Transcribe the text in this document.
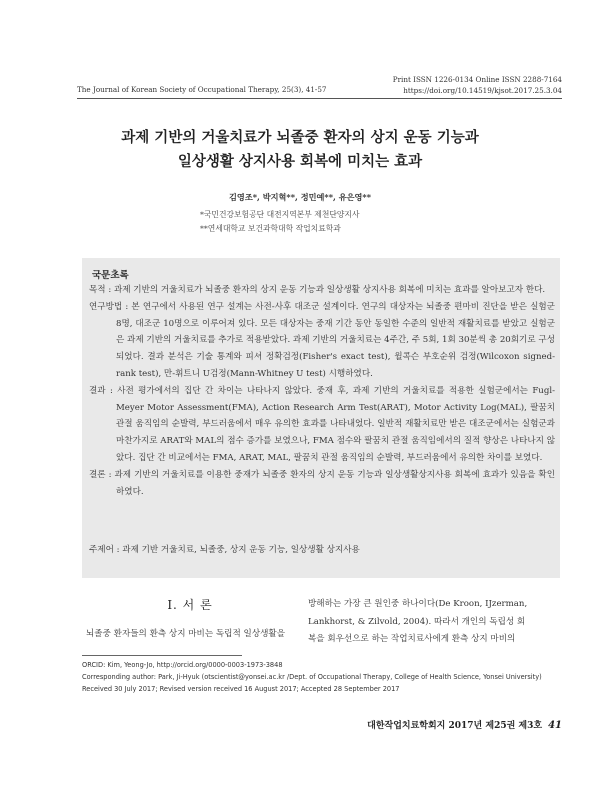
Print ISSN 1226-0134 Online ISSN 2288-7164
https://doi.org/10.14519/kjsot.2017.25.3.04
The Journal of Korean Society of Occupational Therapy, 25(3), 41-57
과제 기반의 거울치료가 뇌졸중 환자의 상지 운동 기능과
일상생활 상지사용 회복에 미치는 효과
김영조*, 박지혁**, 정민예**, 유은영**
*국민건강보험공단 대전지역본부 제천단양지사
**연세대학교 보건과학대학 작업치료학과
국문초록
목적 : 과제 기반의 거울치료가 뇌졸중 환자의 상지 운동 기능과 일상생활 상지사용 회복에 미치는 효과를 알아보고자 한다.
연구방법 : 본 연구에서 사용된 연구 설계는 사전-사후 대조군 설계이다. 연구의 대상자는 뇌졸중 편마비 진단을 받은 실험군 8명, 대조군 10명으로 이루어져 있다. 모든 대상자는 중재 기간 동안 동일한 수준의 일반적 재활치료를 받았고 실험군은 과제 기반의 거울치료를 추가로 적용받았다. 과제 기반의 거울치료는 4주간, 주 5회, 1회 30분씩 총 20회기로 구성되었다. 결과 분석은 기술 통계와 피셔 정확검정(Fisher's exact test), 윌콕슨 부호순위 검정(Wilcoxon signed-rank test), 만-휘트니 U검정(Mann-Whitney U test) 시행하였다.
결과 : 사전 평가에서의 집단 간 차이는 나타나지 않았다. 중재 후, 과제 기반의 거울치료를 적용한 실험군에서는 Fugl-Meyer Motor Assessment(FMA), Action Research Arm Test(ARAT), Motor Activity Log(MAL), 팔꿈치 관절 움직임의 순발력, 부드러움에서 매우 유의한 효과를 나타내었다. 일반적 재활치료만 받은 대조군에서는 실험군과 마찬가지로 ARAT와 MAL의 점수 증가를 보였으나, FMA 점수와 팔꿈치 관절 움직임에서의 질적 향상은 나타나지 않았다. 집단 간 비교에서는 FMA, ARAT, MAL, 팔꿈치 관절 움직임의 순발력, 부드러움에서 유의한 차이를 보였다.
결론 : 과제 기반의 거울치료를 이용한 중재가 뇌졸중 환자의 상지 운동 기능과 일상생활상지사용 회복에 효과가 있음을 확인하였다.
주제어 : 과제 기반 거울치료, 뇌졸중, 상지 운동 기능, 일상생활 상지사용
I. 서 론
뇌졸중 환자들의 환측 상지 마비는 독립적 일상생활을
방해하는 가장 큰 원인중 하나이다(De Kroon, IJzerman,
Lankhorst, & Zilvold, 2004). 따라서 개인의 독립성 회
복을 회우선으로 하는 작업치료사에게 환측 상지 마비의
ORCID: Kim, Yeong-Jo, http://orcid.org/0000-0003-1973-3848
Corresponding author: Park, Ji-Hyuk (otscientist@yonsei.ac.kr /Dept. of Occupational Therapy, College of Health Science, Yonsei University)
Received 30 July 2017; Revised version received 16 August 2017; Accepted 28 September 2017
대한작업치료학회지 2017년 제25권 제3호 41
